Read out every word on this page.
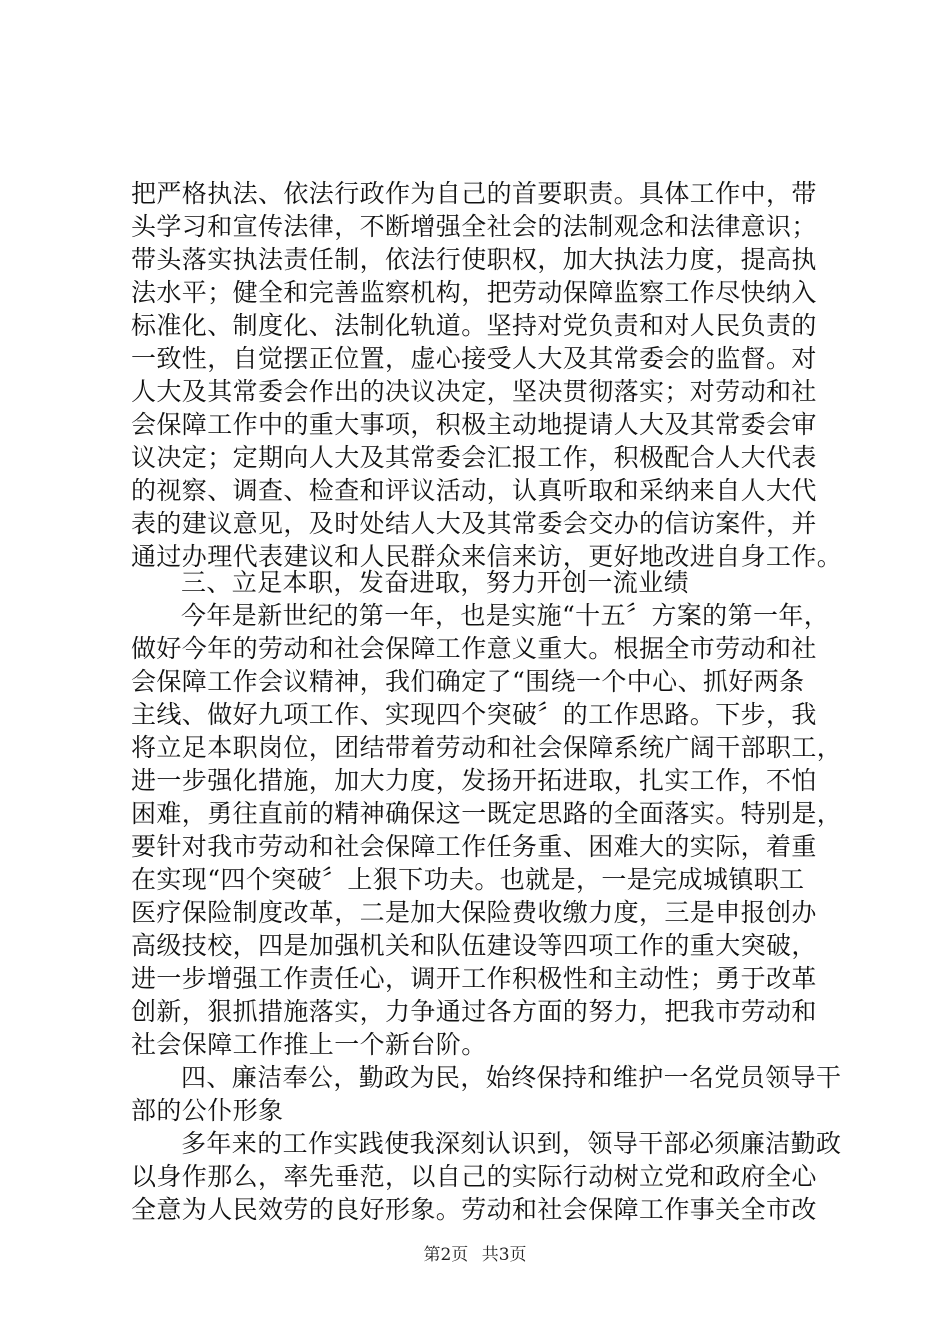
把严格执法、依法行政作为自己的首要职责。具体工作中，带
头学习和宣传法律，不断增强全社会的法制观念和法律意识；
带头落实执法责任制，依法行使职权，加大执法力度，提高执
法水平；健全和完善监察机构，把劳动保障监察工作尽快纳入
标准化、制度化、法制化轨道。坚持对党负责和对人民负责的
一致性，自觉摆正位置，虚心接受人大及其常委会的监督。对
人大及其常委会作出的决议决定，坚决贯彻落实；对劳动和社
会保障工作中的重大事项，积极主动地提请人大及其常委会审
议决定；定期向人大及其常委会汇报工作，积极配合人大代表
的视察、调查、检查和评议活动，认真听取和采纳来自人大代
表的建议意见，及时处结人大及其常委会交办的信访案件，并
通过办理代表建议和人民群众来信来访，更好地改进自身工作。
三、立足本职，发奋进取，努力开创一流业绩
今年是新世纪的第一年，也是实施“十五〞方案的第一年，
做好今年的劳动和社会保障工作意义重大。根据全市劳动和社
会保障工作会议精神，我们确定了“围绕一个中心、抓好两条
主线、做好九项工作、实现四个突破〞的工作思路。下步，我
将立足本职岗位，团结带着劳动和社会保障系统广阔干部职工，
进一步强化措施，加大力度，发扬开拓进取，扎实工作，不怕
困难，勇往直前的精神确保这一既定思路的全面落实。特别是，
要针对我市劳动和社会保障工作任务重、困难大的实际，着重
在实现“四个突破〞上狠下功夫。也就是，一是完成城镇职工
医疗保险制度改革，二是加大保险费收缴力度，三是申报创办
高级技校，四是加强机关和队伍建设等四项工作的重大突破，
进一步增强工作责任心，调开工作积极性和主动性；勇于改革
创新，狠抓措施落实，力争通过各方面的努力，把我市劳动和
社会保障工作推上一个新台阶。
四、廉洁奉公，勤政为民，始终保持和维护一名党员领导干
部的公仆形象
多年来的工作实践使我深刻认识到，领导干部必须廉洁勤政
以身作那么，率先垂范，以自己的实际行动树立党和政府全心
全意为人民效劳的良好形象。劳动和社会保障工作事关全市改
第2页 共3页
